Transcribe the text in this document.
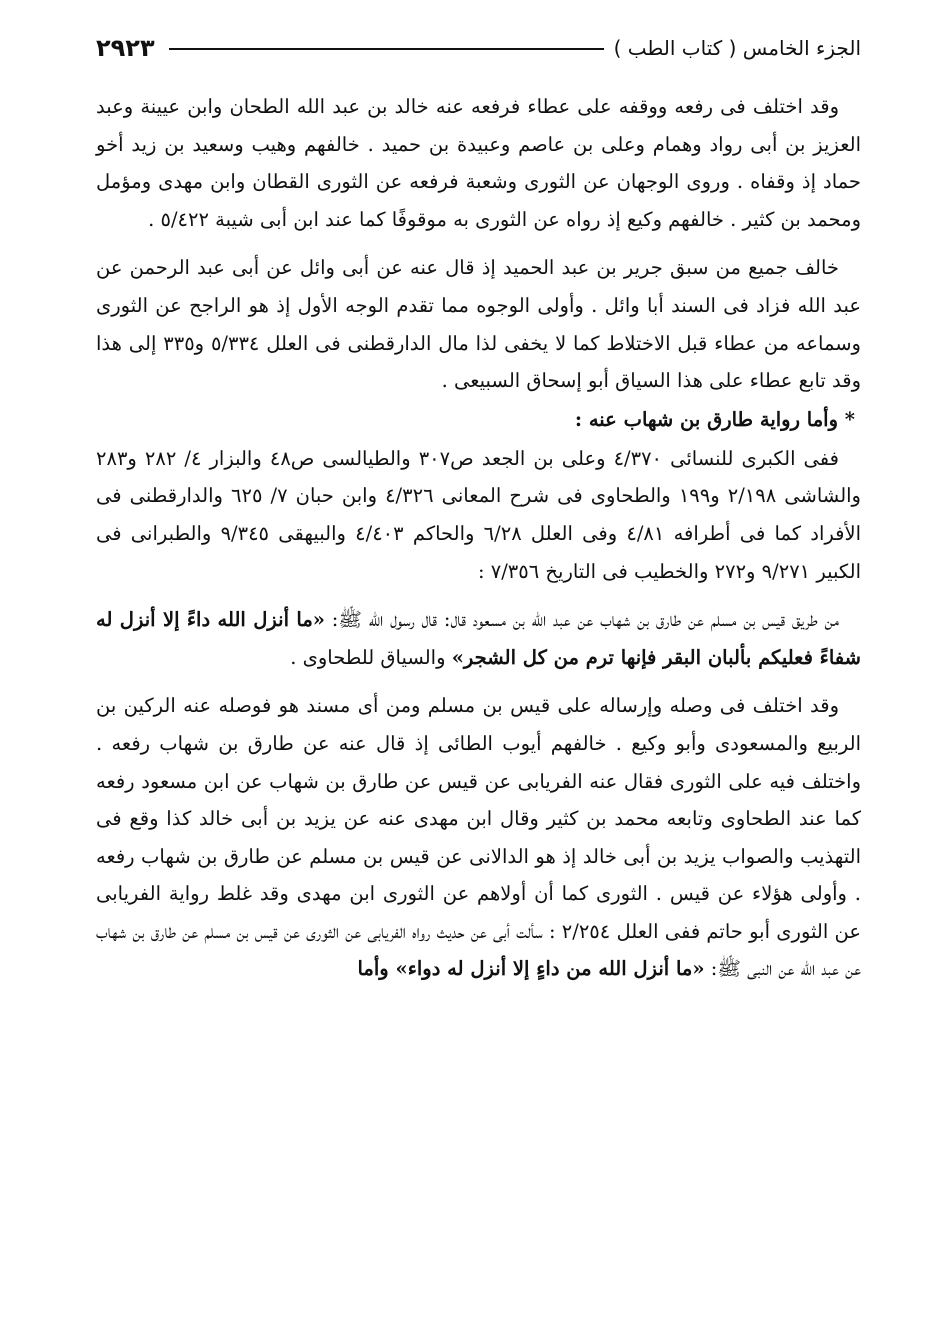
الجزء الخامس ( كتاب الطب )
٢٩٢٣

وقد اختلف فى رفعه ووقفه على عطاء فرفعه عنه خالد بن عبد الله الطحان وابن عيينة وعبد العزيز بن أبى رواد وهمام وعلى بن عاصم وعبيدة بن حميد . خالفهم وهيب وسعيد بن زيد أخو حماد إذ وقفاه . وروى الوجهان عن الثورى وشعبة فرفعه عن الثورى القطان وابن مهدى ومؤمل ومحمد بن كثير . خالفهم وكيع إذ رواه عن الثورى به موقوفًا كما عند ابن أبى شيبة ٥/٤٢٢ .

خالف جميع من سبق جرير بن عبد الحميد إذ قال عنه عن أبى وائل عن أبى عبد الرحمن عن عبد الله فزاد فى السند أبا وائل . وأولى الوجوه مما تقدم الوجه الأول إذ هو الراجح عن الثورى وسماعه من عطاء قبل الاختلاط كما لا يخفى لذا مال الدارقطنى فى العلل ٥/٣٣٤ و٣٣٥ إلى هذا وقد تابع عطاء على هذا السياق أبو إسحاق السبيعى .

* وأما رواية طارق بن شهاب عنه :

ففى الكبرى للنسائى ٤/٣٧٠ وعلى بن الجعد ص٣٠٧ والطيالسى ص٤٨ والبزار ٤/ ٢٨٢ و٢٨٣ والشاشى ٢/١٩٨ و١٩٩ والطحاوى فى شرح المعانى ٤/٣٢٦ وابن حبان ٧/ ٦٢٥ والدارقطنى فى الأفراد كما فى أطرافه ٤/٨١ وفى العلل ٦/٢٨ والحاكم ٤/٤٠٣ والبيهقى ٩/٣٤٥ والطبرانى فى الكبير ٩/٢٧١ و٢٧٢ والخطيب فى التاريخ ٧/٣٥٦ :

من طريق قيس بن مسلم عن طارق بن شهاب عن عبد الله بن مسعود قال: قال رسول الله ﷺ: «ما أنزل الله داءً إلا أنزل له شفاءً فعليكم بألبان البقر فإنها ترم من كل الشجر» والسياق للطحاوى .

وقد اختلف فى وصله وإرساله على قيس بن مسلم ومن أى مسند هو فوصله عنه الركين بن الربيع والمسعودى وأبو وكيع . خالفهم أيوب الطائى إذ قال عنه عن طارق بن شهاب رفعه . واختلف فيه على الثورى فقال عنه الفريابى عن قيس عن طارق بن شهاب عن ابن مسعود رفعه كما عند الطحاوى وتابعه محمد بن كثير وقال ابن مهدى عنه عن يزيد بن أبى خالد كذا وقع فى التهذيب والصواب يزيد بن أبى خالد إذ هو الدالانى عن قيس بن مسلم عن طارق بن شهاب رفعه . وأولى هؤلاء عن قيس . الثورى كما أن أولاهم عن الثورى ابن مهدى وقد غلط رواية الفريابى عن الثورى أبو حاتم ففى العلل ٢/٢٥٤ : سألت أبى عن حديث رواه الفريابى عن الثورى عن قيس بن مسلم عن طارق بن شهاب عن عبد الله عن النبى ﷺ: «ما أنزل الله من داءٍ إلا أنزل له دواء» وأما
